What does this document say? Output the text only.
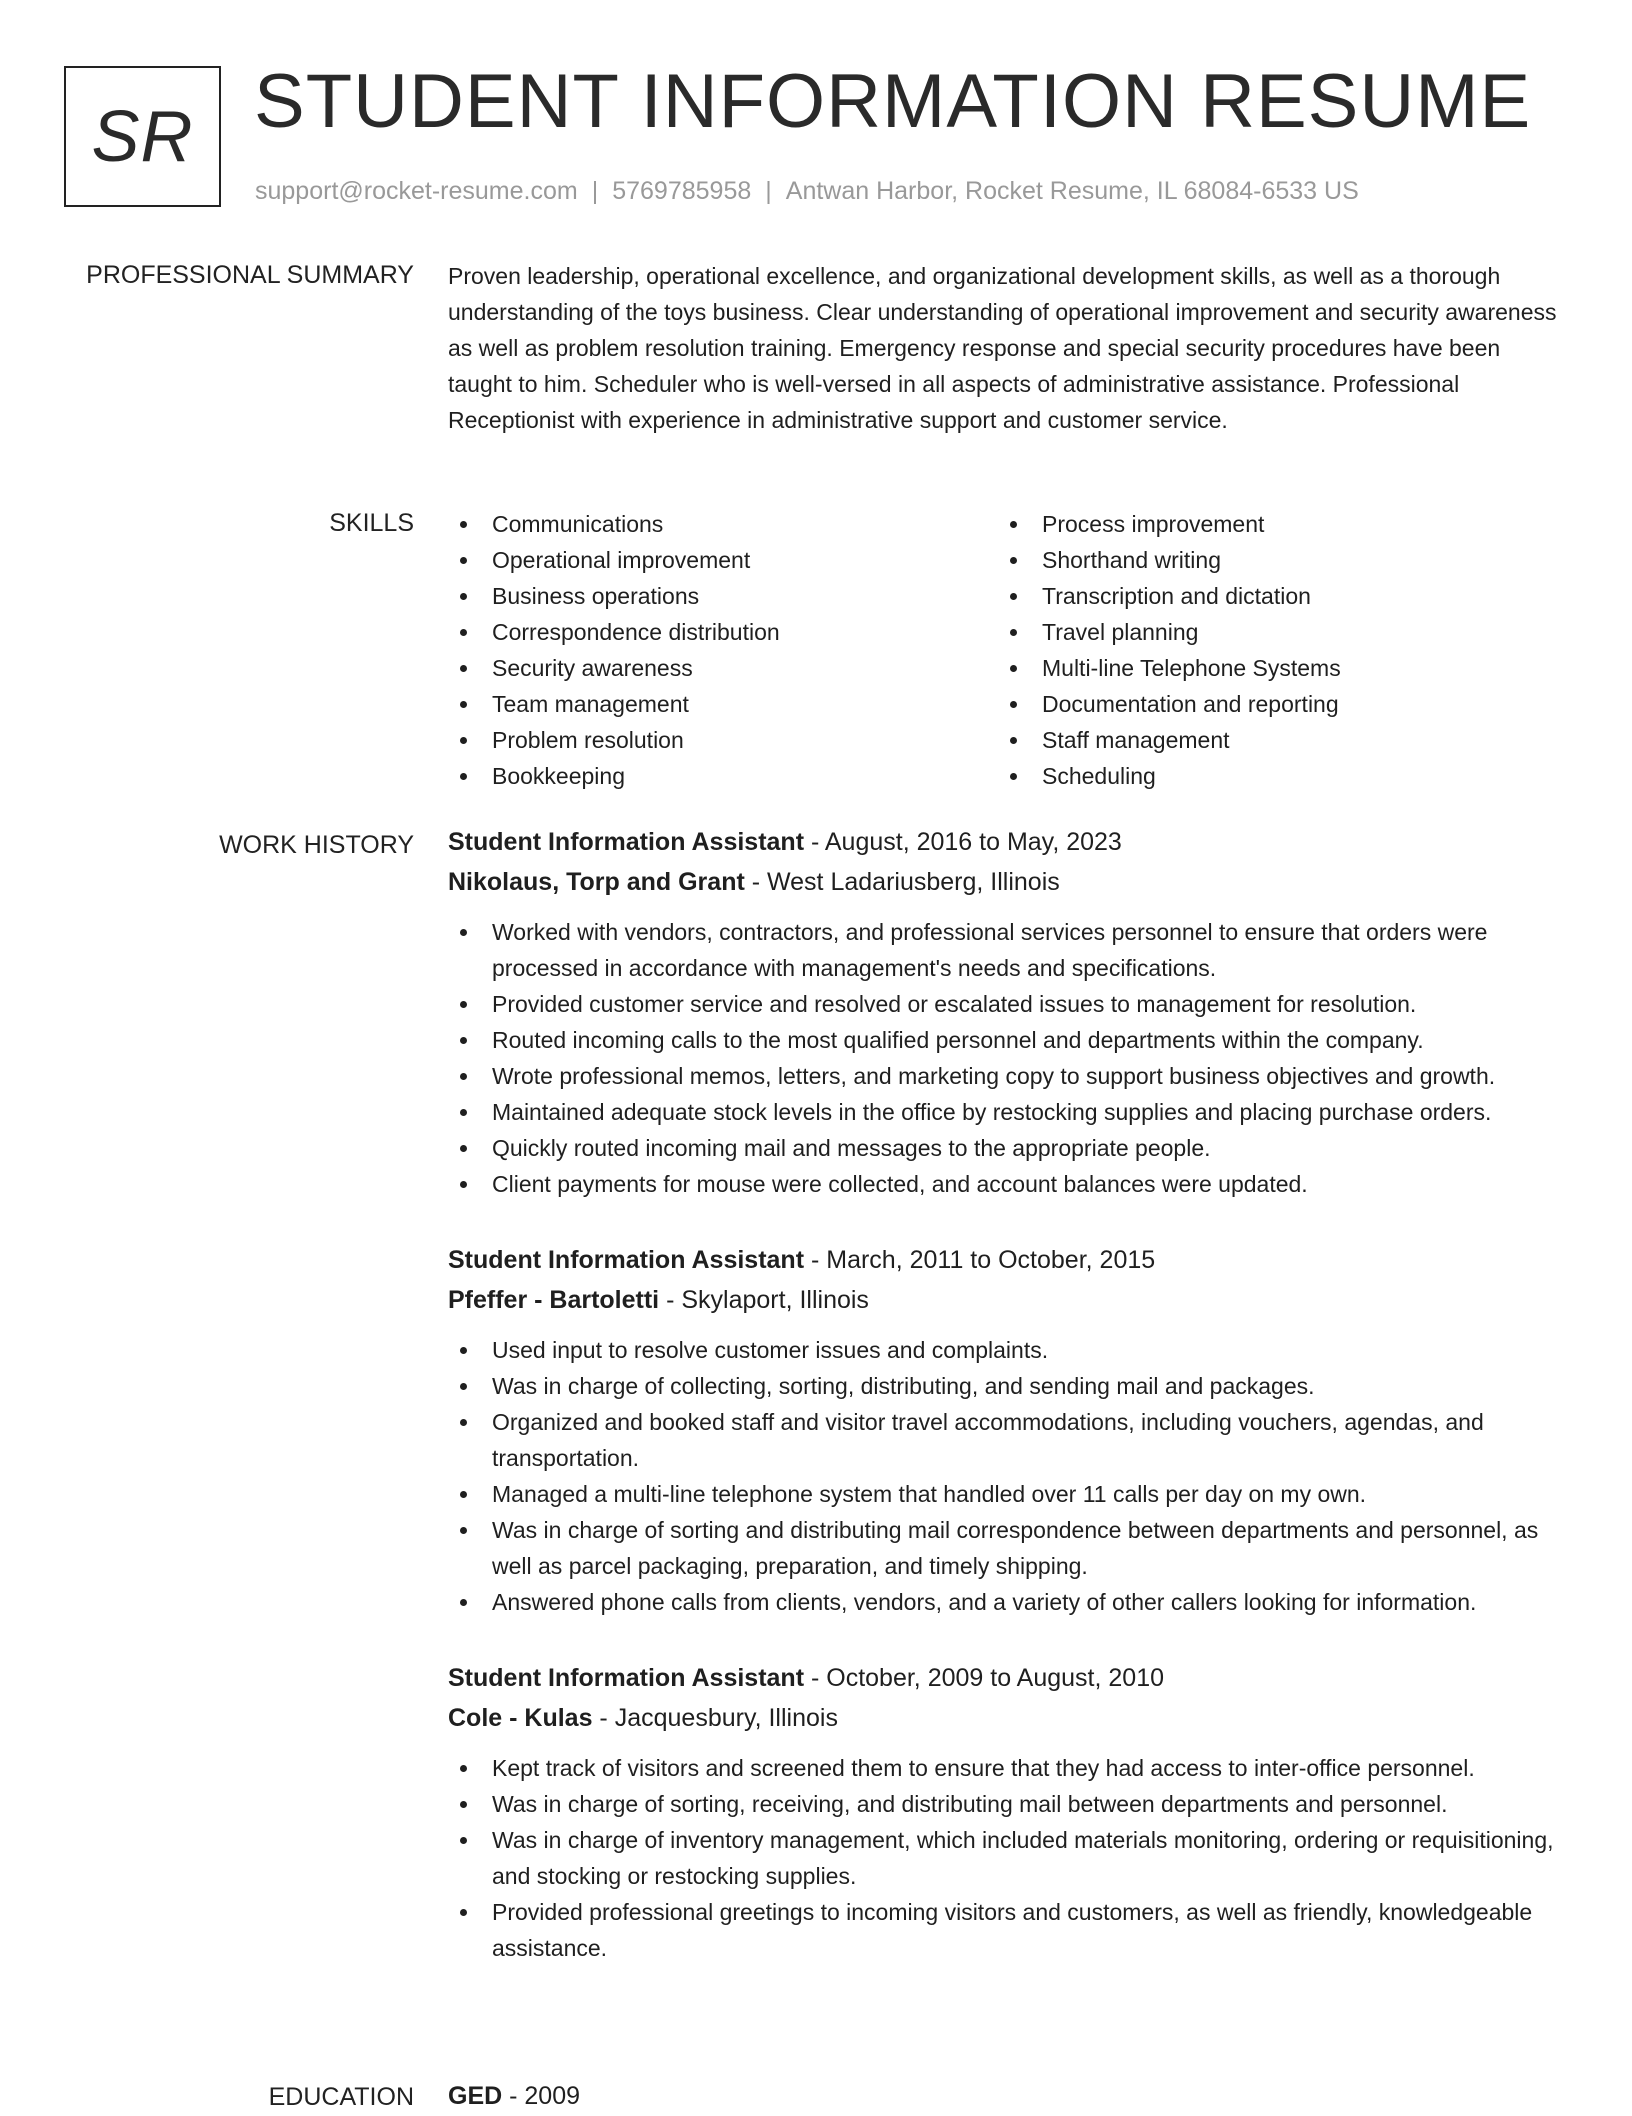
SR STUDENT INFORMATION RESUME
support@rocket-resume.com | 5769785958 | Antwan Harbor, Rocket Resume, IL 68084-6533 US
PROFESSIONAL SUMMARY Proven leadership, operational excellence, and organizational development skills, as well as a thorough understanding of the toys business. Clear understanding of operational improvement and security awareness as well as problem resolution training. Emergency response and special security procedures have been taught to him. Scheduler who is well-versed in all aspects of administrative assistance. Professional Receptionist with experience in administrative support and customer service.

SKILLS	Communications
Operational improvement
Business operations
Correspondence distribution
Security awareness
Team management
Problem resolution
Bookkeeping
Process improvement
Shorthand writing
Transcription and dictation
Travel planning
Multi-line Telephone Systems
Documentation and reporting
Staff management
Scheduling
WORK HISTORY Student Information Assistant - August, 2016 to May, 2023
Nikolaus, Torp and Grant - West Ladariusberg, Illinois
Worked with vendors, contractors, and professional services personnel to ensure that orders were processed in accordance with management's needs and specifications.
Provided customer service and resolved or escalated issues to management for resolution.
Routed incoming calls to the most qualified personnel and departments within the company.
Wrote professional memos, letters, and marketing copy to support business objectives and growth.
Maintained adequate stock levels in the office by restocking supplies and placing purchase orders.
Quickly routed incoming mail and messages to the appropriate people.
Client payments for mouse were collected, and account balances were updated.
Student Information Assistant - March, 2011 to October, 2015
Pfeffer - Bartoletti - Skylaport, Illinois
Used input to resolve customer issues and complaints.
Was in charge of collecting, sorting, distributing, and sending mail and packages.
Organized and booked staff and visitor travel accommodations, including vouchers, agendas, and transportation.
Managed a multi-line telephone system that handled over 11 calls per day on my own.
Was in charge of sorting and distributing mail correspondence between departments and personnel, as well as parcel packaging, preparation, and timely shipping.
Answered phone calls from clients, vendors, and a variety of other callers looking for information.
Student Information Assistant - October, 2009 to August, 2010
Cole - Kulas - Jacquesbury, Illinois
Kept track of visitors and screened them to ensure that they had access to inter-office personnel.
Was in charge of sorting, receiving, and distributing mail between departments and personnel.
Was in charge of inventory management, which included materials monitoring, ordering or requisitioning, and stocking or restocking supplies.
Provided professional greetings to incoming visitors and customers, as well as friendly, knowledgeable assistance.
EDUCATION GED - 2009
